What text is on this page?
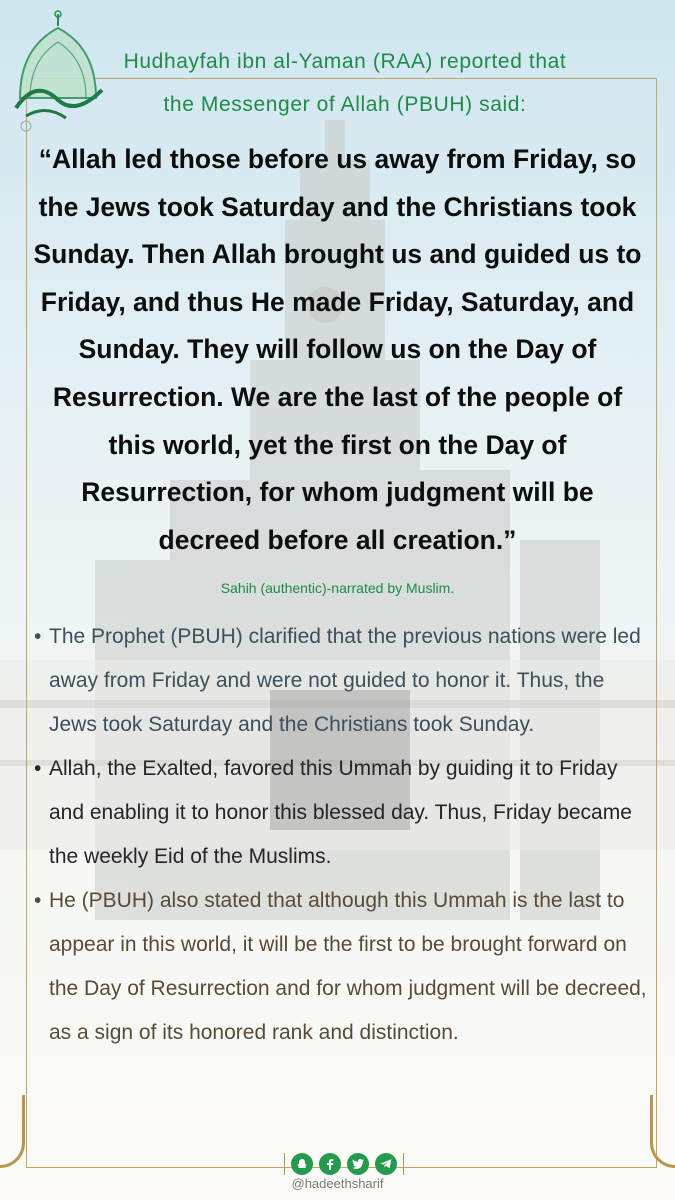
Hudhayfah ibn al-Yaman (RAA) reported that
the Messenger of Allah (PBUH) said:
“Allah led those before us away from Friday, so the Jews took Saturday and the Christians took Sunday. Then Allah brought us and guided us to Friday, and thus He made Friday, Saturday, and Sunday. They will follow us on the Day of Resurrection. We are the last of the people of this world, yet the first on the Day of Resurrection, for whom judgment will be decreed before all creation.”
Sahih (authentic)-narrated by Muslim.
• The Prophet (PBUH) clarified that the previous nations were led away from Friday and were not guided to honor it. Thus, the Jews took Saturday and the Christians took Sunday.
• Allah, the Exalted, favored this Ummah by guiding it to Friday and enabling it to honor this blessed day. Thus, Friday became the weekly Eid of the Muslims.
• He (PBUH) also stated that although this Ummah is the last to appear in this world, it will be the first to be brought forward on the Day of Resurrection and for whom judgment will be decreed, as a sign of its honored rank and distinction.
@hadeethsharif
